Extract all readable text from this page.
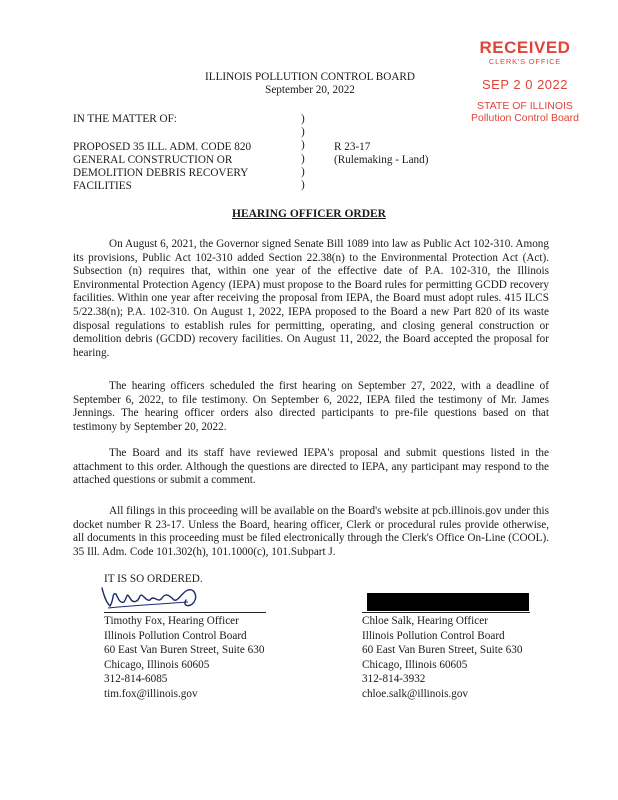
RECEIVED
CLERK'S OFFICE
SEP 2 0 2022
STATE OF ILLINOIS
Pollution Control Board
ILLINOIS POLLUTION CONTROL BOARD
September 20, 2022
IN THE MATTER OF:
PROPOSED 35 ILL. ADM. CODE 820
GENERAL CONSTRUCTION OR
DEMOLITION DEBRIS RECOVERY
FACILITIES
)
)
)
)
)
)
R 23-17
(Rulemaking - Land)
HEARING OFFICER ORDER

On August 6, 2021, the Governor signed Senate Bill 1089 into law as Public Act 102-310. Among its provisions, Public Act 102-310 added Section 22.38(n) to the Environmental Protection Act (Act). Subsection (n) requires that, within one year of the effective date of P.A. 102-310, the Illinois Environmental Protection Agency (IEPA) must propose to the Board rules for permitting GCDD recovery facilities. Within one year after receiving the proposal from IEPA, the Board must adopt rules. 415 ILCS 5/22.38(n); P.A. 102-310. On August 1, 2022, IEPA proposed to the Board a new Part 820 of its waste disposal regulations to establish rules for permitting, operating, and closing general construction or demolition debris (GCDD) recovery facilities. On August 11, 2022, the Board accepted the proposal for hearing.

The hearing officers scheduled the first hearing on September 27, 2022, with a deadline of September 6, 2022, to file testimony. On September 6, 2022, IEPA filed the testimony of Mr. James Jennings. The hearing officer orders also directed participants to pre-file questions based on that testimony by September 20, 2022.

The Board and its staff have reviewed IEPA's proposal and submit questions listed in the attachment to this order. Although the questions are directed to IEPA, any participant may respond to the attached questions or submit a comment.

All filings in this proceeding will be available on the Board's website at pcb.illinois.gov under this docket number R 23-17. Unless the Board, hearing officer, Clerk or procedural rules provide otherwise, all documents in this proceeding must be filed electronically through the Clerk's Office On-Line (COOL). 35 Ill. Adm. Code 101.302(h), 101.1000(c), 101.Subpart J.

IT IS SO ORDERED.
Timothy Fox, Hearing Officer
Illinois Pollution Control Board
60 East Van Buren Street, Suite 630
Chicago, Illinois 60605
312-814-6085
tim.fox@illinois.gov
Chloe Salk, Hearing Officer
Illinois Pollution Control Board
60 East Van Buren Street, Suite 630
Chicago, Illinois 60605
312-814-3932
chloe.salk@illinois.gov
